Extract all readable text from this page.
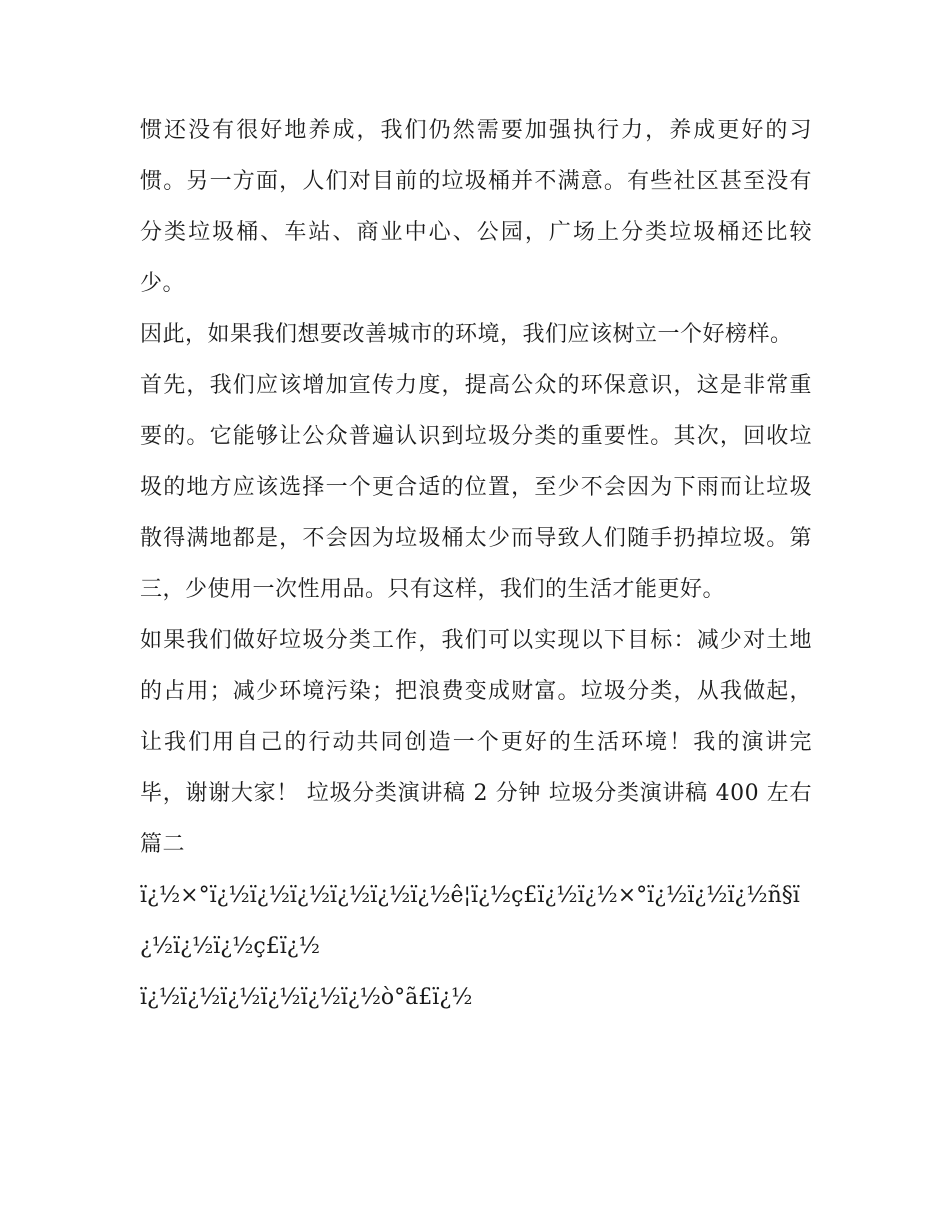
惯还没有很好地养成，我们仍然需要加强执行力，养成更好的习惯。另一方面，人们对目前的垃圾桶并不满意。有些社区甚至没有分类垃圾桶、车站、商业中心、公园，广场上分类垃圾桶还比较少。

因此，如果我们想要改善城市的环境，我们应该树立一个好榜样。

首先，我们应该增加宣传力度，提高公众的环保意识，这是非常重要的。它能够让公众普遍认识到垃圾分类的重要性。其次，回收垃圾的地方应该选择一个更合适的位置，至少不会因为下雨而让垃圾散得满地都是，不会因为垃圾桶太少而导致人们随手扔掉垃圾。第三，少使用一次性用品。只有这样，我们的生活才能更好。

如果我们做好垃圾分类工作，我们可以实现以下目标：减少对土地的占用；减少环境污染；把浪费变成财富。垃圾分类，从我做起，让我们用自己的行动共同创造一个更好的生活环境！我的演讲完毕，谢谢大家！ 垃圾分类演讲稿 2 分钟 垃圾分类演讲稿 400 左右篇二

ï¿½×°ï¿½ï¿½ï¿½ï¿½ï¿½ï¿½ê¦ï¿½ç£ï¿½ï¿½×°ï¿½ï¿½ï¿½ñ§ï¿½ï¿½ï¿½ç£ï¿½

ï¿½ï¿½ï¿½ï¿½ï¿½ï¿½ò°ã£ï¿½
